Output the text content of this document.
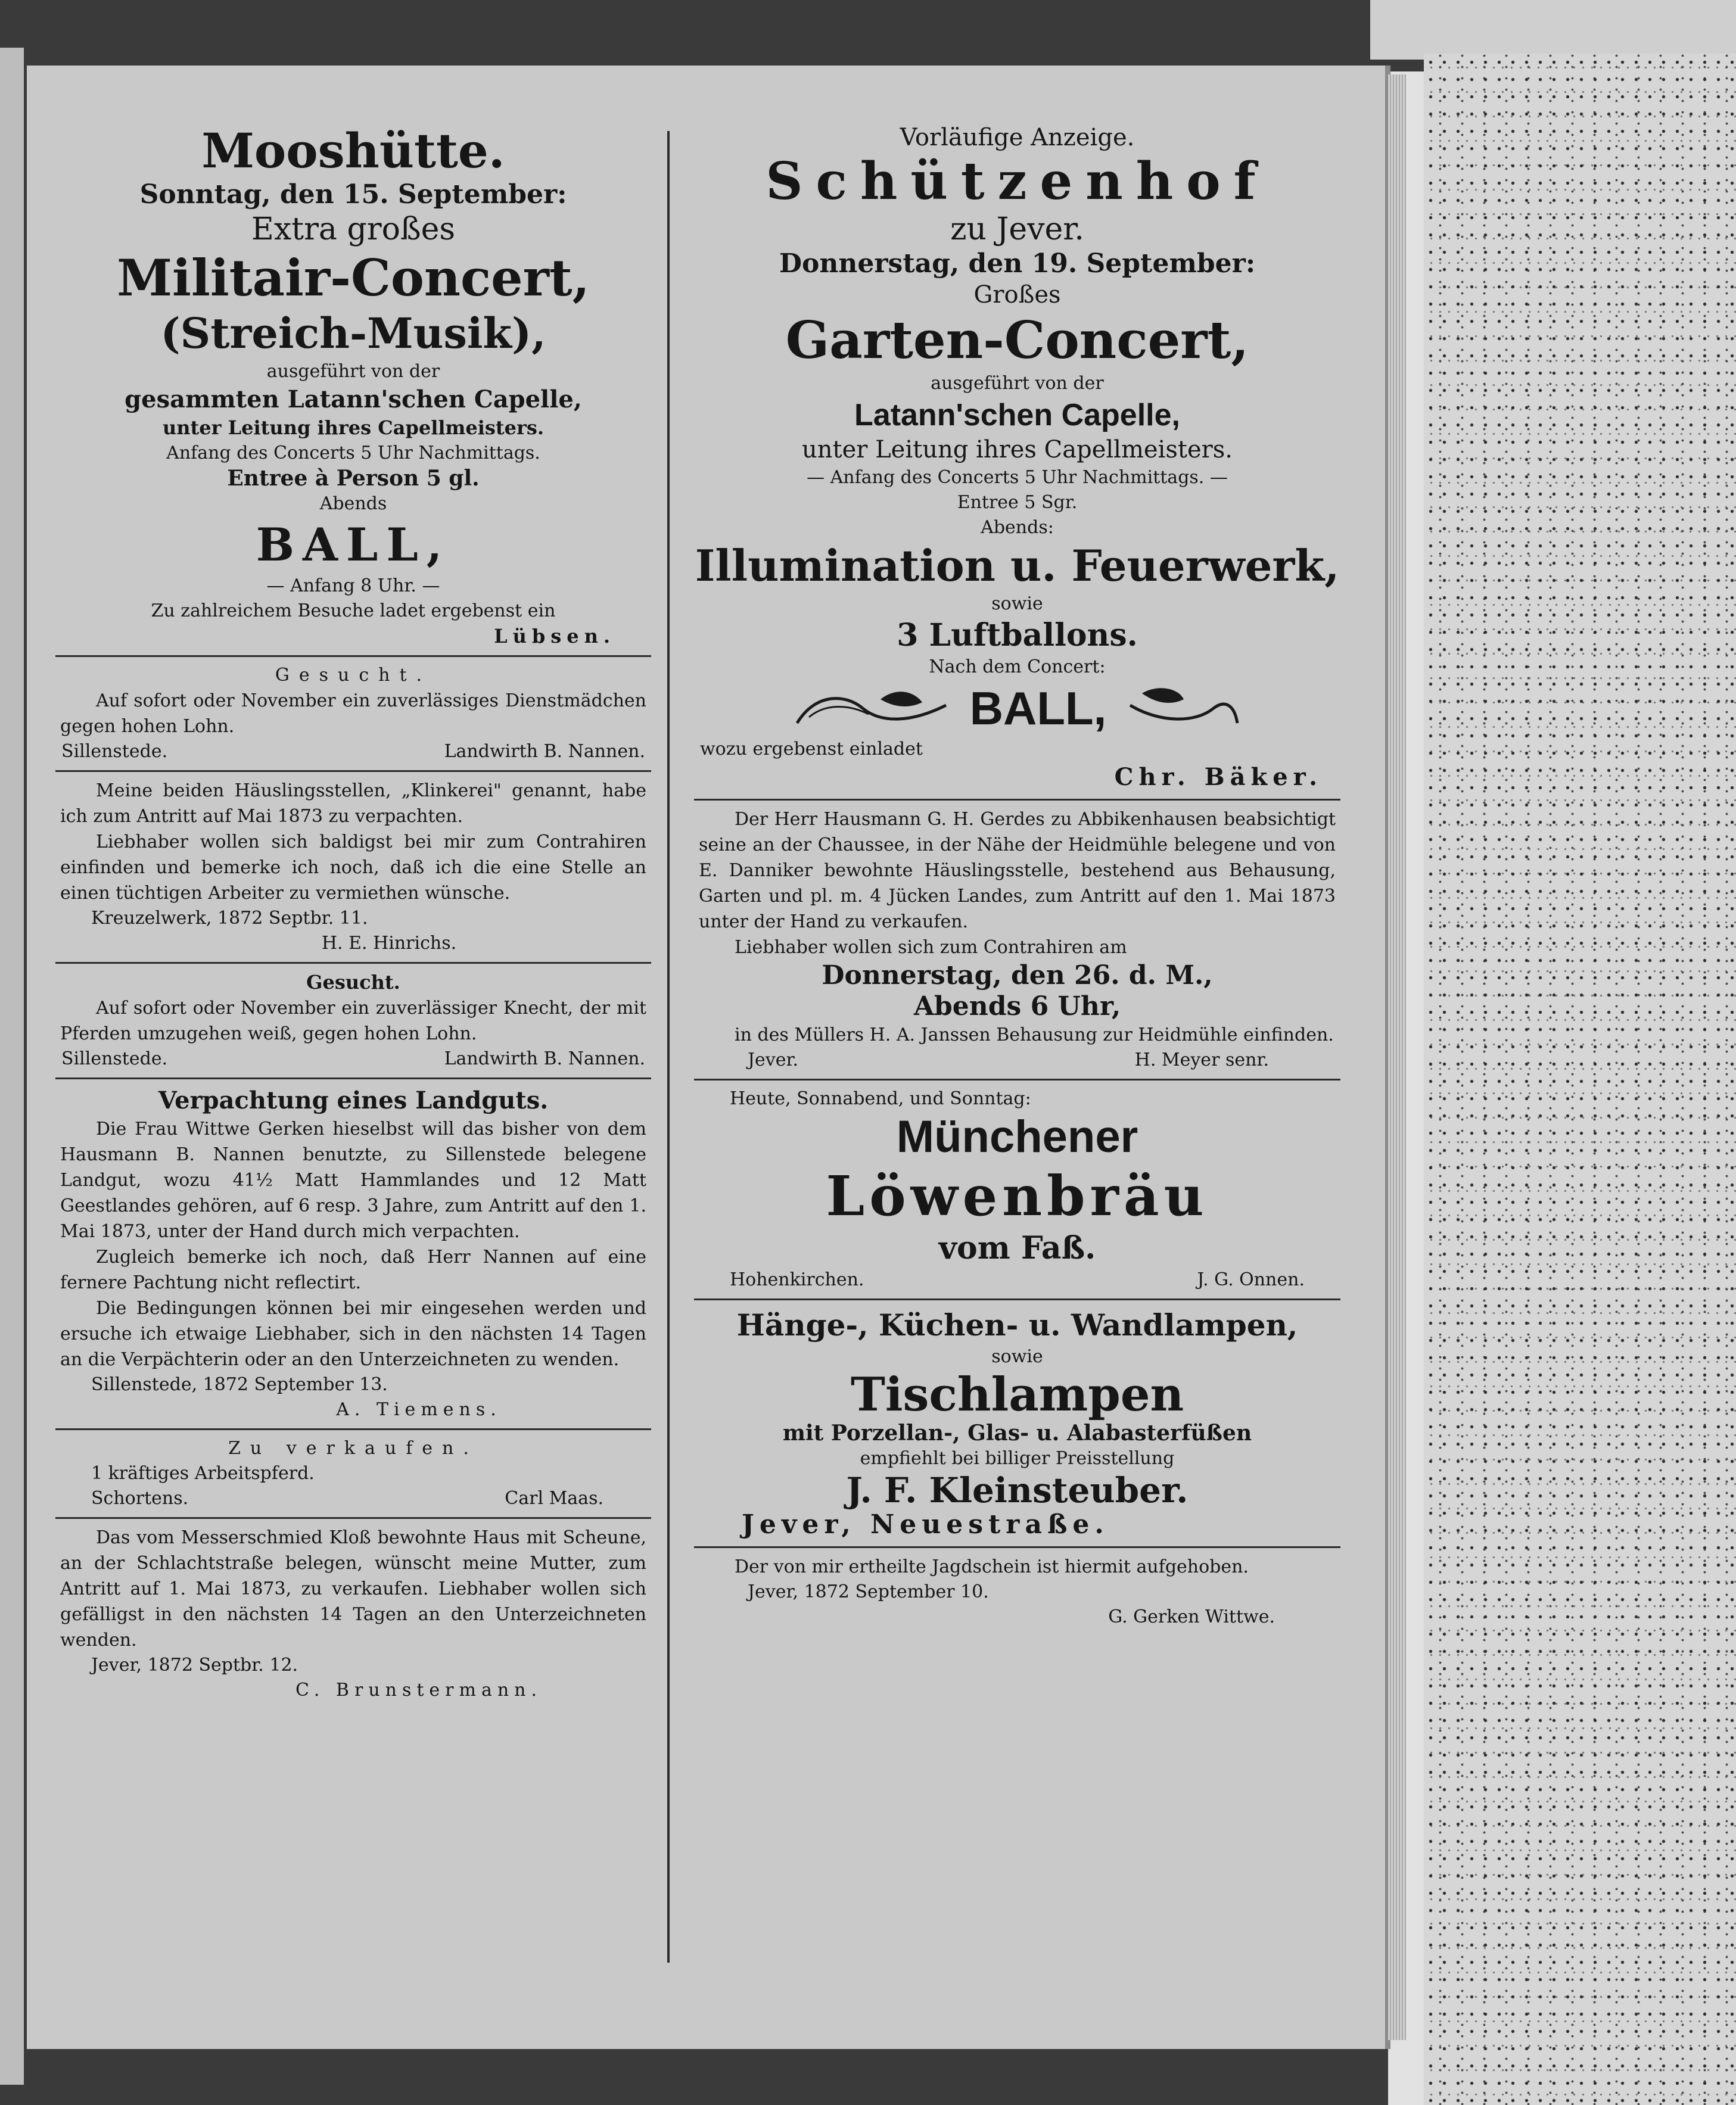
Mooshütte.
Sonntag, den 15. September:
Extra großes
Militair-Concert,
(Streich-Musik),
ausgeführt von der
gesammten Latann'schen Capelle,
unter Leitung ihres Capellmeisters.
Anfang des Concerts 5 Uhr Nachmittags.
Entree à Person 5 gl.
Abends
BALL,
— Anfang 8 Uhr. —
Zu zahlreichem Besuche ladet ergebenst ein
Lübsen.
Gesucht.

Auf sofort oder November ein zuverlässiges Dienstmädchen gegen hohen Lohn.

Sillenstede.	Landwirth B. Nannen.

Meine beiden Häuslingsstellen, „Klinkerei" genannt, habe ich zum Antritt auf Mai 1873 zu verpachten.

Liebhaber wollen sich baldigst bei mir zum Contrahiren einfinden und bemerke ich noch, daß ich die eine Stelle an einen tüchtigen Arbeiter zu vermiethen wünsche.

Kreuzelwerk, 1872 Septbr. 11.
H. E. Hinrichs.
Gesucht.

Auf sofort oder November ein zuverlässiger Knecht, der mit Pferden umzugehen weiß, gegen hohen Lohn.

Sillenstede.	Landwirth B. Nannen.
Verpachtung eines Landguts.

Die Frau Wittwe Gerken hieselbst will das bisher von dem Hausmann B. Nannen benutzte, zu Sillenstede belegene Landgut, wozu 41½ Matt Hammlandes und 12 Matt Geestlandes gehören, auf 6 resp. 3 Jahre, zum Antritt auf den 1. Mai 1873, unter der Hand durch mich verpachten.

Zugleich bemerke ich noch, daß Herr Nannen auf eine fernere Pachtung nicht reflectirt.

Die Bedingungen können bei mir eingesehen werden und ersuche ich etwaige Liebhaber, sich in den nächsten 14 Tagen an die Verpächterin oder an den Unterzeichneten zu wenden.

Sillenstede, 1872 September 13.
A. Tiemens.
Zu verkaufen.
1 kräftiges Arbeitspferd.
Schortens.	Carl Maas.

Das vom Messerschmied Kloß bewohnte Haus mit Scheune, an der Schlachtstraße belegen, wünscht meine Mutter, zum Antritt auf 1. Mai 1873, zu verkaufen. Liebhaber wollen sich gefälligst in den nächsten 14 Tagen an den Unterzeichneten wenden.

Jever, 1872 Septbr. 12.
C. Brunstermann.
Vorläufige Anzeige.
Schützenhof
zu Jever.
Donnerstag, den 19. September:
Großes
Garten-Concert,
ausgeführt von der
Latann'schen Capelle,
unter Leitung ihres Capellmeisters.
— Anfang des Concerts 5 Uhr Nachmittags. —
Entree 5 Sgr.
Abends:
Illumination u. Feuerwerk,
sowie
3 Luftballons.
Nach dem Concert:
BALL,
wozu ergebenst einladet
Chr. Bäker.

Der Herr Hausmann G. H. Gerdes zu Abbikenhausen beabsichtigt seine an der Chaussee, in der Nähe der Heidmühle belegene und von E. Danniker bewohnte Häuslingsstelle, bestehend aus Behausung, Garten und pl. m. 4 Jücken Landes, zum Antritt auf den 1. Mai 1873 unter der Hand zu verkaufen.

Liebhaber wollen sich zum Contrahiren am

Donnerstag, den 26. d. M.,
Abends 6 Uhr,

in des Müllers H. A. Janssen Behausung zur Heidmühle einfinden.

Jever.	H. Meyer senr.
Heute, Sonnabend, und Sonntag:
Münchener
Löwenbräu
vom Faß.
Hohenkirchen.	J. G. Onnen.
Hänge-, Küchen- u. Wandlampen,
sowie
Tischlampen
mit Porzellan-, Glas- u. Alabasterfüßen
empfiehlt bei billiger Preisstellung
J. F. Kleinsteuber.
Jever, Neuestraße.

Der von mir ertheilte Jagdschein ist hiermit aufgehoben.

Jever, 1872 September 10.
G. Gerken Wittwe.
